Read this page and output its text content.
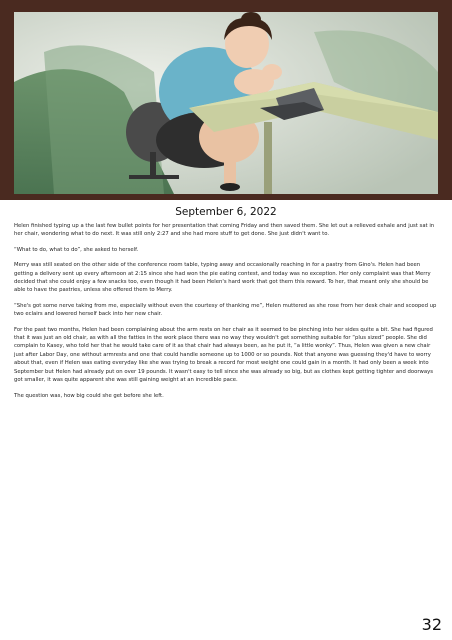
September 6, 2022

Helen finished typing up a the last few bullet points for her presentation that coming Friday and then saved them. She let out a relieved exhale and just sat in her chair, wondering what to do next. It was still only 2:27 and she had more stuff to get done. She just didn't want to.

“What to do, what to do”, she asked to herself.

Merry was still seated on the other side of the conference room table, typing away and occasionally reaching in for a pastry from Gino's. Helen had been getting a delivery sent up every afternoon at 2:15 since she had won the pie eating contest, and today was no exception. Her only complaint was that Merry decided that she could enjoy a few snacks too, even though it had been Helen's hard work that got them this reward. To her, that meant only she should be able to have the pastries, unless she offered them to Merry.

“She's got some nerve taking from me, especially without even the courtesy of thanking me”, Helen muttered as she rose from her desk chair and scooped up two eclairs and lowered herself back into her new chair.

For the past two months, Helen had been complaining about the arm rests on her chair as it seemed to be pinching into her sides quite a bit. She had figured that it was just an old chair, as with all the fatties in the work place there was no way they wouldn't get something suitable for “plus sized” people. She did complain to Kasey, who told her that he would take care of it as that chair had always been, as he put it, “a little wonky”. Thus, Helen was given a new chair just after Labor Day, one without armrests and one that could handle someone up to 1000 or so pounds. Not that anyone was guessing they'd have to worry about that, even if Helen was eating everyday like she was trying to break a record for most weight one could gain in a month. It had only been a week into September but Helen had already put on over 19 pounds. It wasn't easy to tell since she was already so big, but as clothes kept getting tighter and doorways got smaller, it was quite apparent she was still gaining weight at an incredible pace.

The question was, how big could she get before she left.

32
